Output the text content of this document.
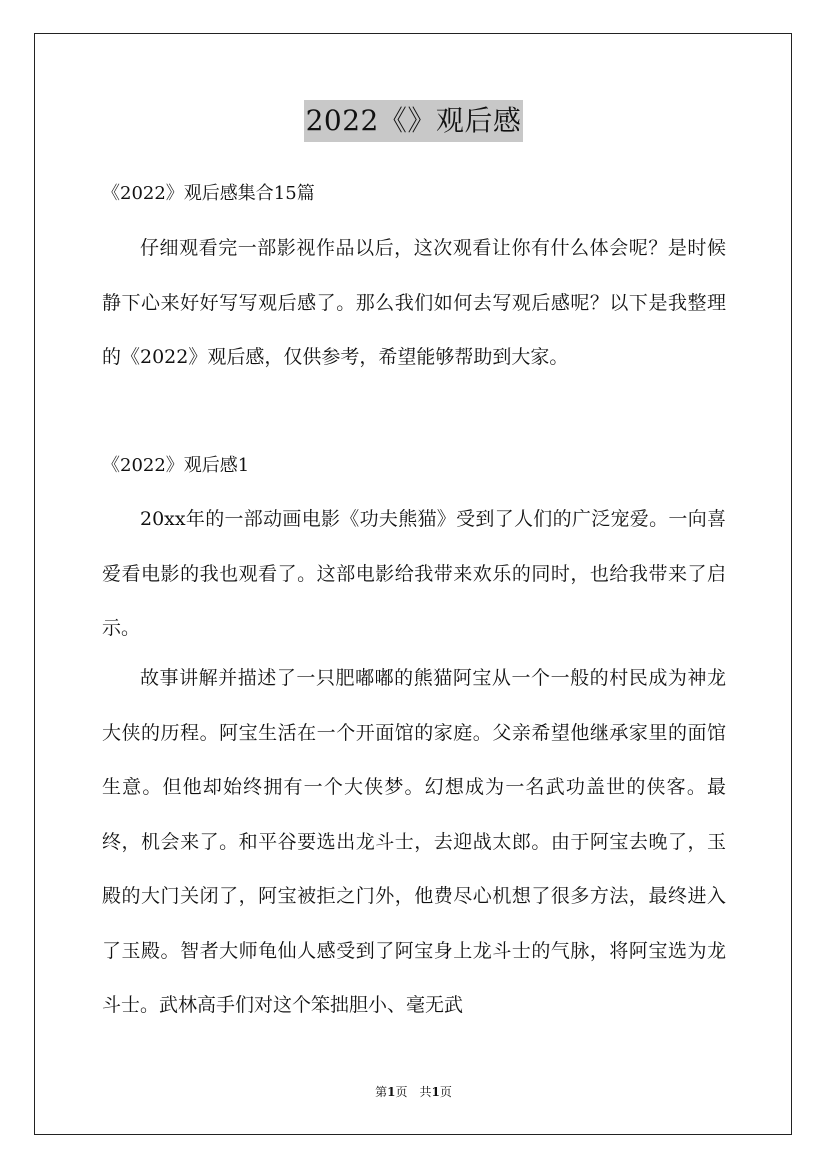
2022《》观后感
《2022》观后感集合15篇

仔细观看完一部影视作品以后，这次观看让你有什么体会呢？是时候静下心来好好写写观后感了。那么我们如何去写观后感呢？以下是我整理的《2022》观后感，仅供参考，希望能够帮助到大家。

《2022》观后感1

20xx年的一部动画电影《功夫熊猫》受到了人们的广泛宠爱。一向喜爱看电影的我也观看了。这部电影给我带来欢乐的同时，也给我带来了启示。

故事讲解并描述了一只肥嘟嘟的熊猫阿宝从一个一般的村民成为神龙大侠的历程。阿宝生活在一个开面馆的家庭。父亲希望他继承家里的面馆生意。但他却始终拥有一个大侠梦。幻想成为一名武功盖世的侠客。最终，机会来了。和平谷要选出龙斗士，去迎战太郎。由于阿宝去晚了，玉殿的大门关闭了，阿宝被拒之门外，他费尽心机想了很多方法，最终进入了玉殿。智者大师龟仙人感受到了阿宝身上龙斗士的气脉，将阿宝选为龙斗士。武林高手们对这个笨拙胆小、毫无武

第1页　共1页
